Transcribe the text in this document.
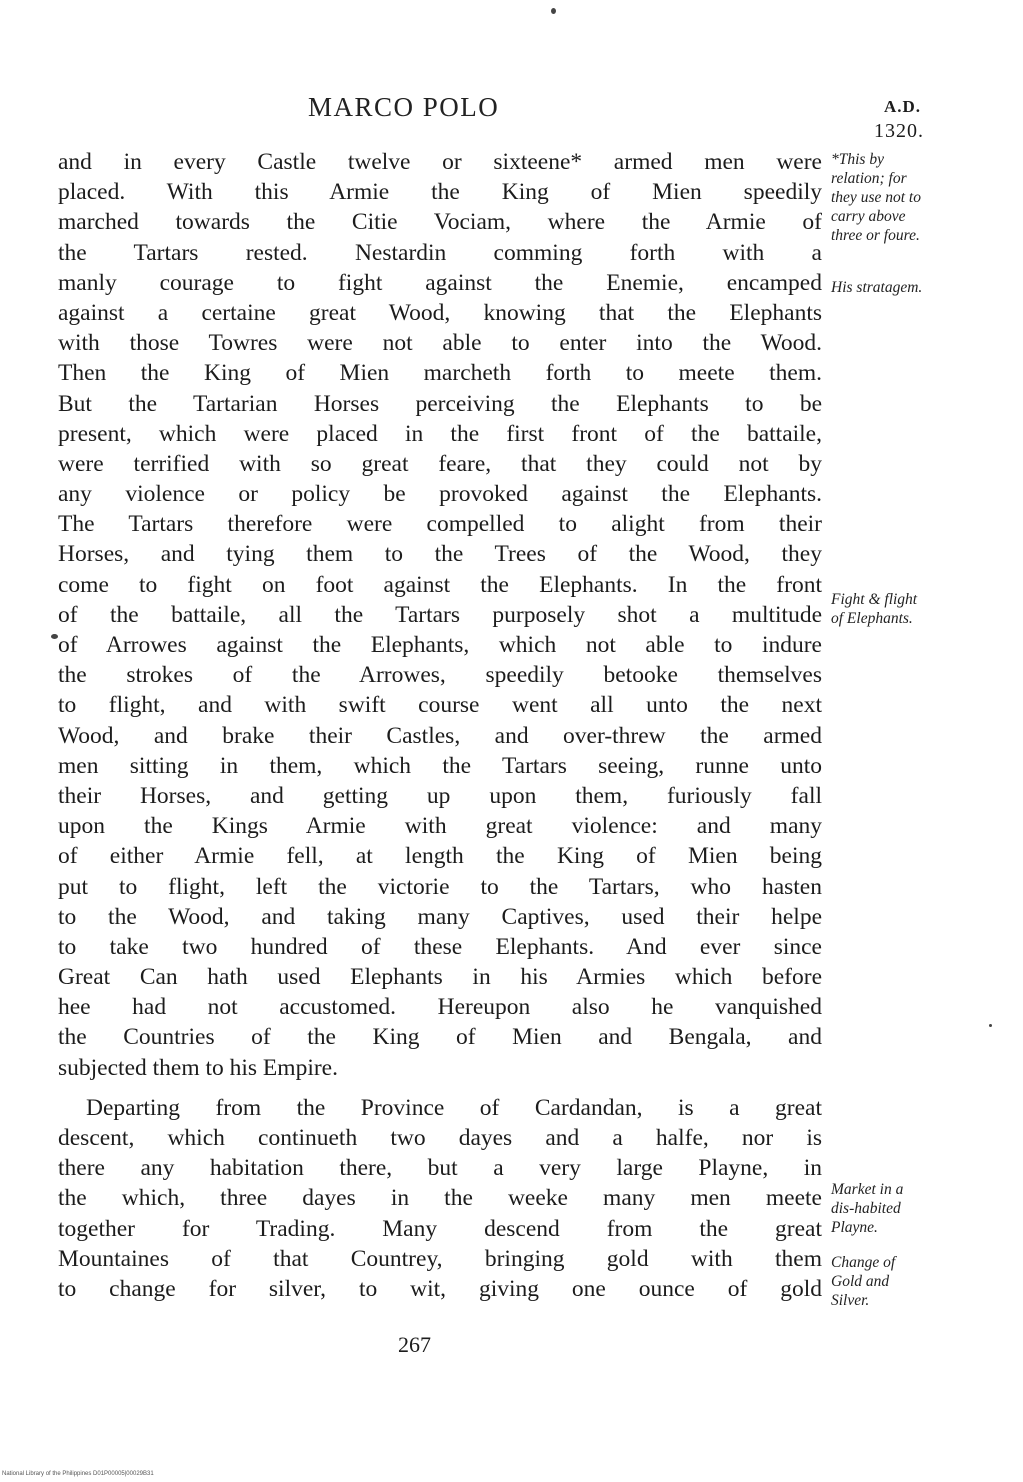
MARCO POLO	A.D.
1320.
and in every Castle twelve or sixteene* armed men were
placed. With this Armie the King of Mien speedily
marched towards the Citie Vociam, where the Armie of
the Tartars rested. Nestardin comming forth with a
manly courage to fight against the Enemie, encamped
against a certaine great Wood, knowing that the Elephants
with those Towres were not able to enter into the Wood.
Then the King of Mien marcheth forth to meete them.
But the Tartarian Horses perceiving the Elephants to be
present, which were placed in the first front of the battaile,
were terrified with so great feare, that they could not by
any violence or policy be provoked against the Elephants.
The Tartars therefore were compelled to alight from their
Horses, and tying them to the Trees of the Wood, they
come to fight on foot against the Elephants. In the front
of the battaile, all the Tartars purposely shot a multitude
of Arrowes against the Elephants, which not able to indure
the strokes of the Arrowes, speedily betooke themselves
to flight, and with swift course went all unto the next
Wood, and brake their Castles, and over-threw the armed
men sitting in them, which the Tartars seeing, runne unto
their Horses, and getting up upon them, furiously fall
upon the Kings Armie with great violence: and many
of either Armie fell, at length the King of Mien being
put to flight, left the victorie to the Tartars, who hasten
to the Wood, and taking many Captives, used their helpe
to take two hundred of these Elephants. And ever since
Great Can hath used Elephants in his Armies which before
hee had not accustomed. Hereupon also he vanquished
the Countries of the King of Mien and Bengala, and
subjected them to his Empire.
Departing from the Province of Cardandan, is a great
descent, which continueth two dayes and a halfe, nor is
there any habitation there, but a very large Playne, in
the which, three dayes in the weeke many men meete
together for Trading. Many descend from the great
Mountaines of that Countrey, bringing gold with them
to change for silver, to wit, giving one ounce of gold
*This by
relation; for
they use not to
carry above
three or foure.
His stratagem.
Fight & flight
of Elephants.
Market in a
dis-habited
Playne.
Change of
Gold and
Silver.
267
National Library of the Philippines D01P00005|00029B31
